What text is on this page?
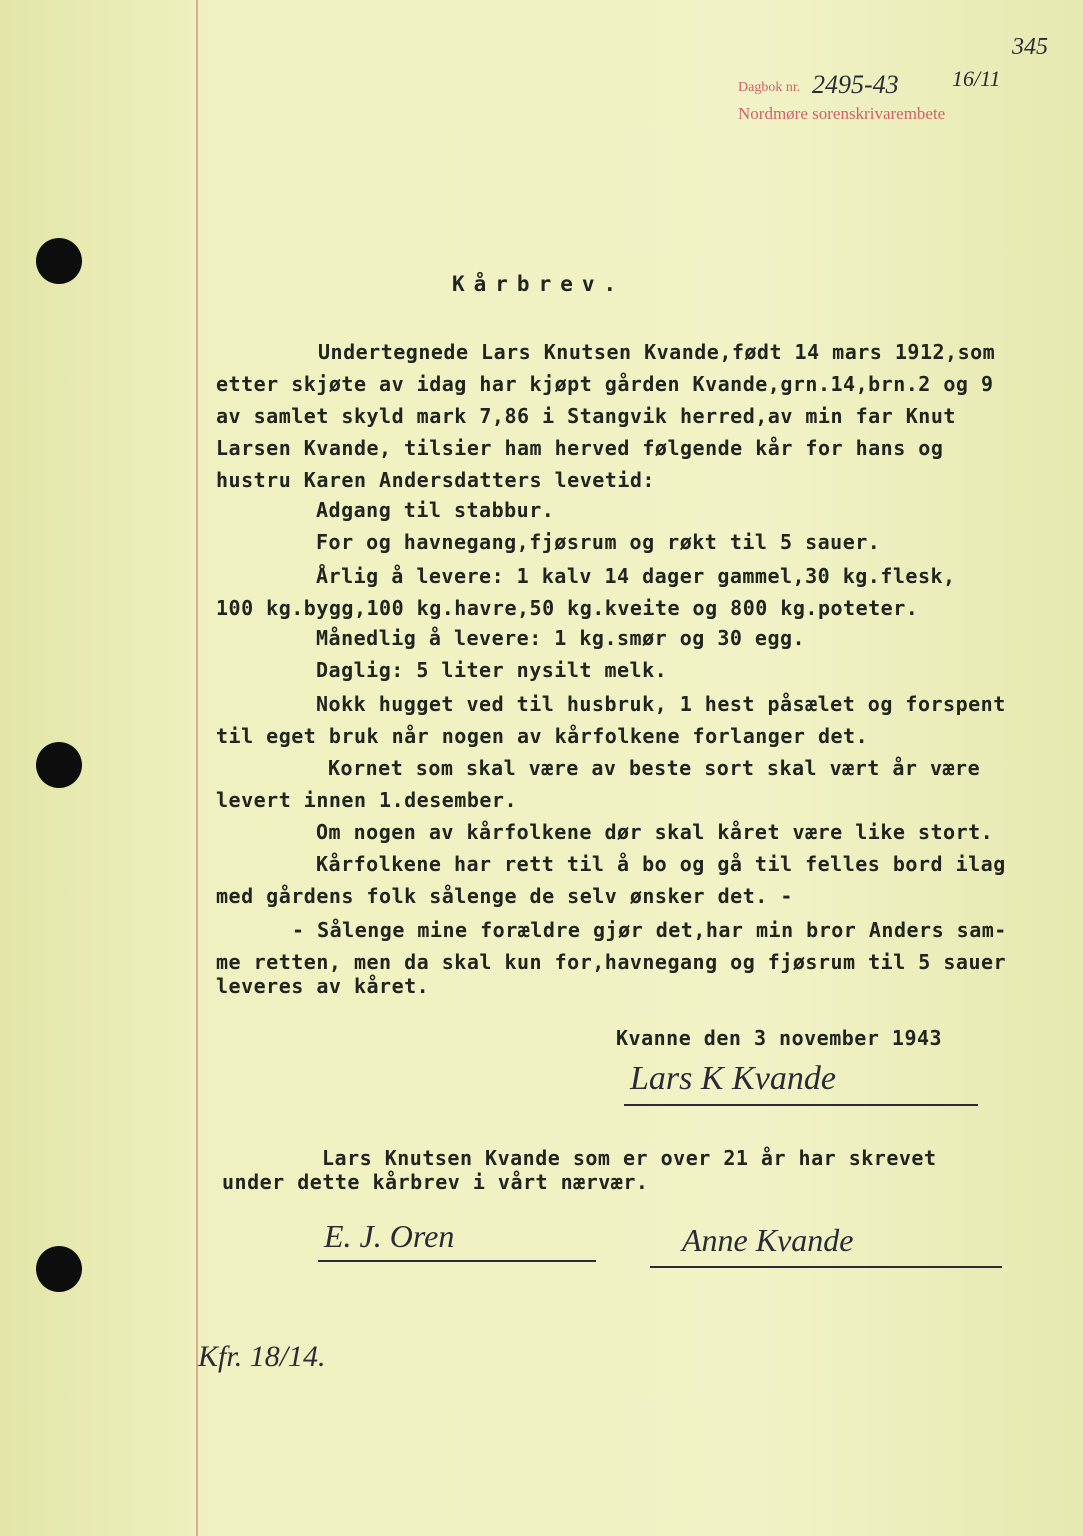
345
Dagbok nr. 2495-43 16/11
Nordmøre sorenskrivarembete
Kårbrev.
Undertegnede Lars Knutsen Kvande,født 14 mars 1912,som
etter skjøte av idag har kjøpt gården Kvande,grn.14,brn.2 og 9
av samlet skyld mark 7,86 i Stangvik herred,av min far Knut
Larsen Kvande, tilsier ham herved følgende kår for hans og
hustru Karen Andersdatters levetid:
Adgang til stabbur.
For og havnegang,fjøsrum og røkt til 5 sauer.
Årlig å levere: 1 kalv 14 dager gammel,30 kg.flesk,
100 kg.bygg,100 kg.havre,50 kg.kveite og 800 kg.poteter.
Månedlig å levere: 1 kg.smør og 30 egg.
Daglig: 5 liter nysilt melk.
Nokk hugget ved til husbruk, 1 hest påsælet og forspent
til eget bruk når nogen av kårfolkene forlanger det.
Kornet som skal være av beste sort skal vært år være
levert innen 1.desember.
Om nogen av kårfolkene dør skal kåret være like stort.
Kårfolkene har rett til å bo og gå til felles bord ilag
med gårdens folk sålenge de selv ønsker det. -
- Sålenge mine forældre gjør det,har min bror Anders sam-
me retten, men da skal kun for,havnegang og fjøsrum til 5 sauer
leveres av kåret.
Kvanne den 3 november 1943
Lars K Kvande
Lars Knutsen Kvande som er over 21 år har skrevet
under dette kårbrev i vårt nærvær.
E. J. Oren	Anne Kvande
Kfr. 18/14.
